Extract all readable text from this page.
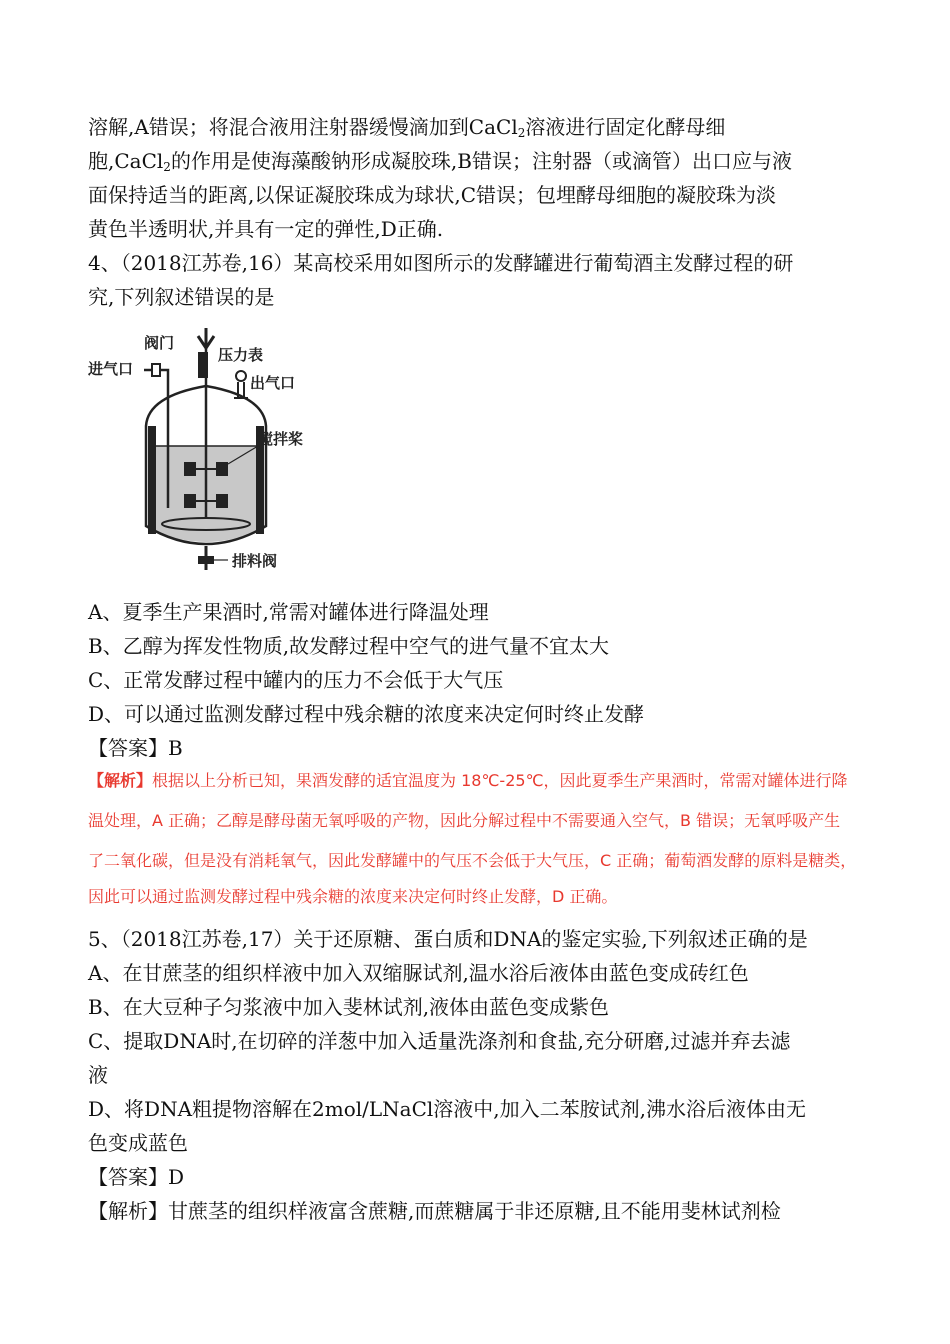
溶解,A错误；将混合液用注射器缓慢滴加到CaCl$_2$溶液进行固定化酵母细
胞,CaCl$_2$的作用是使海藻酸钠形成凝胶珠,B错误；注射器（或滴管）出口应与液
面保持适当的距离,以保证凝胶珠成为球状,C错误；包埋酵母细胞的凝胶珠为淡
黄色半透明状,并具有一定的弹性,D正确.
4、（2018江苏卷,16）某高校采用如图所示的发酵罐进行葡萄酒主发酵过程的研
究,下列叙述错误的是
阀门
进气口
压力表
出气口
搅拌桨
排料阀
A、夏季生产果酒时,常需对罐体进行降温处理
B、乙醇为挥发性物质,故发酵过程中空气的进气量不宜太大
C、正常发酵过程中罐内的压力不会低于大气压
D、可以通过监测发酵过程中残余糖的浓度来决定何时终止发酵
【答案】B
【解析】根据以上分析已知，果酒发酵的适宜温度为 18℃-25℃，因此夏季生产果酒时，常需对罐体进行降
温处理，A 正确；乙醇是酵母菌无氧呼吸的产物，因此分解过程中不需要通入空气，B 错误；无氧呼吸产生
了二氧化碳，但是没有消耗氧气，因此发酵罐中的气压不会低于大气压，C 正确；葡萄酒发酵的原料是糖类，
因此可以通过监测发酵过程中残余糖的浓度来决定何时终止发酵，D 正确。
5、（2018江苏卷,17）关于还原糖、蛋白质和DNA的鉴定实验,下列叙述正确的是
A、在甘蔗茎的组织样液中加入双缩脲试剂,温水浴后液体由蓝色变成砖红色
B、在大豆种子匀浆液中加入斐林试剂,液体由蓝色变成紫色
C、提取DNA时,在切碎的洋葱中加入适量洗涤剂和食盐,充分研磨,过滤并弃去滤
液
D、将DNA粗提物溶解在2mol/LNaCl溶液中,加入二苯胺试剂,沸水浴后液体由无
色变成蓝色
【答案】D
【解析】甘蔗茎的组织样液富含蔗糖,而蔗糖属于非还原糖,且不能用斐林试剂检
